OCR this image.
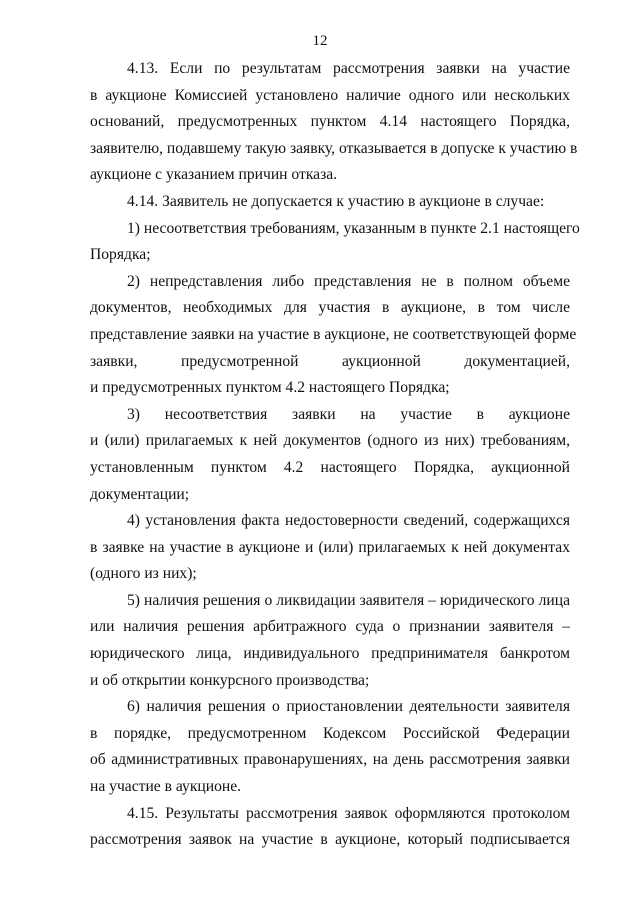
12
4.13. Если по результатам рассмотрения заявки на участие
в аукционе Комиссией установлено наличие одного или нескольких
оснований, предусмотренных пунктом 4.14 настоящего Порядка,
заявителю, подавшему такую заявку, отказывается в допуске к участию в
аукционе с указанием причин отказа.
4.14. Заявитель не допускается к участию в аукционе в случае:
1) несоответствия требованиям, указанным в пункте 2.1 настоящего
Порядка;
2) непредставления либо представления не в полном объеме
документов, необходимых для участия в аукционе, в том числе
представление заявки на участие в аукционе, не соответствующей форме
заявки, предусмотренной аукционной документацией,
и предусмотренных пунктом 4.2 настоящего Порядка;
3) несоответствия заявки на участие в аукционе
и (или) прилагаемых к ней документов (одного из них) требованиям,
установленным пунктом 4.2 настоящего Порядка, аукционной
документации;
4) установления факта недостоверности сведений, содержащихся
в заявке на участие в аукционе и (или) прилагаемых к ней документах
(одного из них);
5) наличия решения о ликвидации заявителя – юридического лица
или наличия решения арбитражного суда о признании заявителя –
юридического лица, индивидуального предпринимателя банкротом
и об открытии конкурсного производства;
6) наличия решения о приостановлении деятельности заявителя
в порядке, предусмотренном Кодексом Российской Федерации
об административных правонарушениях, на день рассмотрения заявки
на участие в аукционе.
4.15. Результаты рассмотрения заявок оформляются протоколом
рассмотрения заявок на участие в аукционе, который подписывается
